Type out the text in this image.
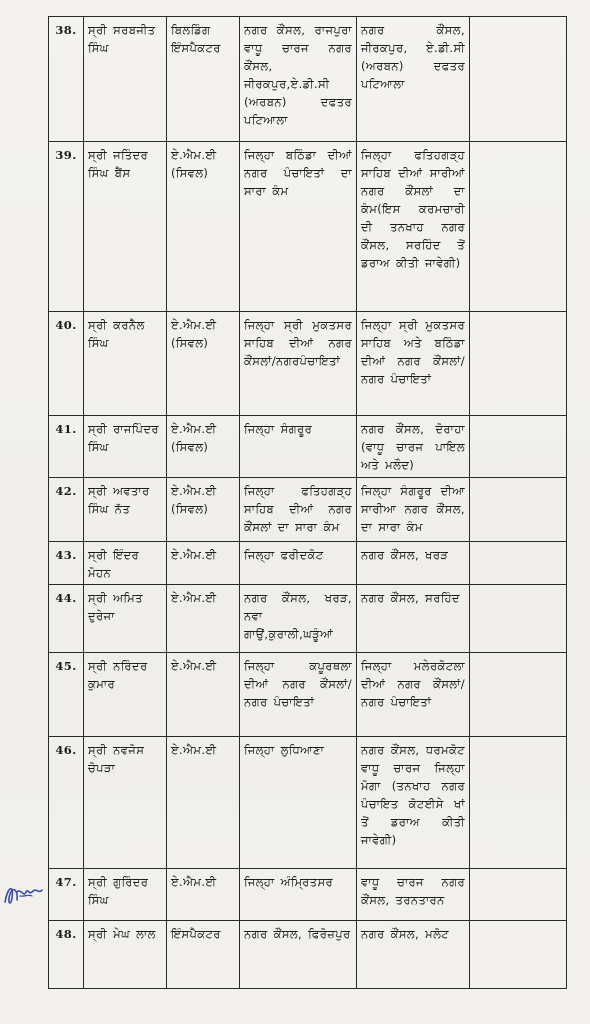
38.	ਸ੍ਰੀ ਸਰਬਜੀਤ ਸਿੰਘ	ਬਿਲਡਿੰਗ ਇੰਸਪੈਕਟਰ	ਨਗਰ ਕੌਂਸਲ, ਰਾਜਪੁਰਾ ਵਾਧੂ ਚਾਰਜ ਨਗਰ ਕੌਂਸਲ, ਜੀਰਕਪੁਰ,ਏ.ਡੀ.ਸੀ (ਅਰਬਨ) ਦਫਤਰ ਪਟਿਆਲਾ	ਨਗਰ ਕੌਂਸਲ, ਜੀਰਕਪੁਰ, ਏ.ਡੀ.ਸੀ (ਅਰਬਨ) ਦਫਤਰ ਪਟਿਆਲਾ	
39.	ਸ੍ਰੀ ਜਤਿੰਦਰ ਸਿੰਘ ਬੈਂਸ	ਏ.ਐਮ.ਈ (ਸਿਵਲ)	ਜਿਲ੍ਹਾ ਬਠਿੰਡਾ ਦੀਆਂ ਨਗਰ ਪੰਚਾਇਤਾਂ ਦਾ ਸਾਰਾ ਕੰਮ	ਜਿਲ੍ਹਾ ਫਤਿਹਗੜ੍ਹ ਸਾਹਿਬ ਦੀਆਂ ਸਾਰੀਆਂ ਨਗਰ ਕੌਂਸਲਾਂ ਦਾ ਕੰਮ(ਇਸ ਕਰਮਚਾਰੀ ਦੀ ਤਨਖਾਹ ਨਗਰ ਕੌਂਸਲ, ਸਰਹਿੰਦ ਤੋਂ ਡਰਾਅ ਕੀਤੀ ਜਾਵੇਗੀ)	
40.	ਸ੍ਰੀ ਕਰਨੈਲ ਸਿੰਘ	ਏ.ਐਮ.ਈ (ਸਿਵਲ)	ਜਿਲ੍ਹਾ ਸ੍ਰੀ ਮੁਕਤਸਰ ਸਾਹਿਬ ਦੀਆਂ ਨਗਰ ਕੌਂਸਲਾਂ/ਨਗਰਪੰਚਾਇਤਾਂ	ਜਿਲ੍ਹਾ ਸ੍ਰੀ ਮੁਕਤਸਰ ਸਾਹਿਬ ਅਤੇ ਬਠਿੰਡਾ ਦੀਆਂ ਨਗਰ ਕੌਂਸਲਾਂ/ਨਗਰ ਪੰਚਾਇਤਾਂ	
41.	ਸ੍ਰੀ ਰਾਜਪਿੰਦਰ ਸਿੰਘ	ਏ.ਐਮ.ਈ (ਸਿਵਲ)	ਜਿਲ੍ਹਾ ਸੰਗਰੂਰ	ਨਗਰ ਕੌਂਸਲ, ਦੋਰਾਹਾ (ਵਾਧੂ ਚਾਰਜ ਪਾਇਲ ਅਤੇ ਮਲੌਦ)	
42.	ਸ੍ਰੀ ਅਵਤਾਰ ਸਿੰਘ ਨੱਤ	ਏ.ਐਮ.ਈ (ਸਿਵਲ)	ਜਿਲ੍ਹਾ ਫਤਿਹਗੜ੍ਹ ਸਾਹਿਬ ਦੀਆਂ ਨਗਰ ਕੌਂਸਲਾਂ ਦਾ ਸਾਰਾ ਕੰਮ	ਜਿਲ੍ਹਾ ਸੰਗਰੂਰ ਦੀਆ ਸਾਰੀਆ ਨਗਰ ਕੌਂਸਲ, ਦਾ ਸਾਰਾ ਕੰਮ	
43.	ਸ੍ਰੀ ਇੰਦਰ ਮੋਹਨ	ਏ.ਐਮ.ਈ	ਜਿਲ੍ਹਾ ਫਰੀਦਕੋਟ	ਨਗਰ ਕੌਂਸਲ, ਖਰੜ	
44.	ਸ੍ਰੀ ਅਮਿਤ ਦੁਰੇਜਾ	ਏ.ਐਮ.ਈ	ਨਗਰ ਕੌਂਸਲ, ਖਰੜ, ਨਵਾ ਗਾਉਂ,ਕੁਰਾਲੀ,ਘੜੂੰਆਂ	ਨਗਰ ਕੌਂਸਲ, ਸਰਹਿੰਦ	
45.	ਸ੍ਰੀ ਨਰਿੰਦਰ ਕੁਮਾਰ	ਏ.ਐਮ.ਈ	ਜਿਲ੍ਹਾ ਕਪੂਰਥਲਾ ਦੀਆਂ ਨਗਰ ਕੌਂਸਲਾਂ/ਨਗਰ ਪੰਚਾਇਤਾਂ	ਜਿਲ੍ਹਾ ਮਲੇਰਕੋਟਲਾ ਦੀਆਂ ਨਗਰ ਕੌਂਸਲਾਂ/ਨਗਰ ਪੰਚਾਇਤਾਂ	
46.	ਸ੍ਰੀ ਨਵਜੋਸ ਚੋਪੜਾ	ਏ.ਐਮ.ਈ	ਜਿਲ੍ਹਾ ਲੁਧਿਆਣਾ	ਨਗਰ ਕੌਂਸਲ, ਧਰਮਕੋਟ ਵਾਧੂ ਚਾਰਜ ਜਿਲ੍ਹਾ ਮੋਗਾ (ਤਨਖਾਹ ਨਗਰ ਪੰਚਾਇਤ ਕੋਟਈਸੇ ਖਾਂ ਤੋਂ ਡਰਾਅ ਕੀਤੀ ਜਾਵੇਗੀ)	
47.	ਸ੍ਰੀ ਗੁਰਿੰਦਰ ਸਿੰਘ	ਏ.ਐਮ.ਈ	ਜਿਲ੍ਹਾ ਅੰਮ੍ਰਿਤਸਰ	ਵਾਧੂ ਚਾਰਜ ਨਗਰ ਕੌਂਸਲ, ਤਰਨਤਾਰਨ	
48.	ਸ੍ਰੀ ਮੇਘ ਲਾਲ	ਇੰਸਪੈਕਟਰ	ਨਗਰ ਕੌਂਸਲ, ਫਿਰੋਜ਼ਪੁਰ	ਨਗਰ ਕੌਂਸਲ, ਮਲੋਟ	
